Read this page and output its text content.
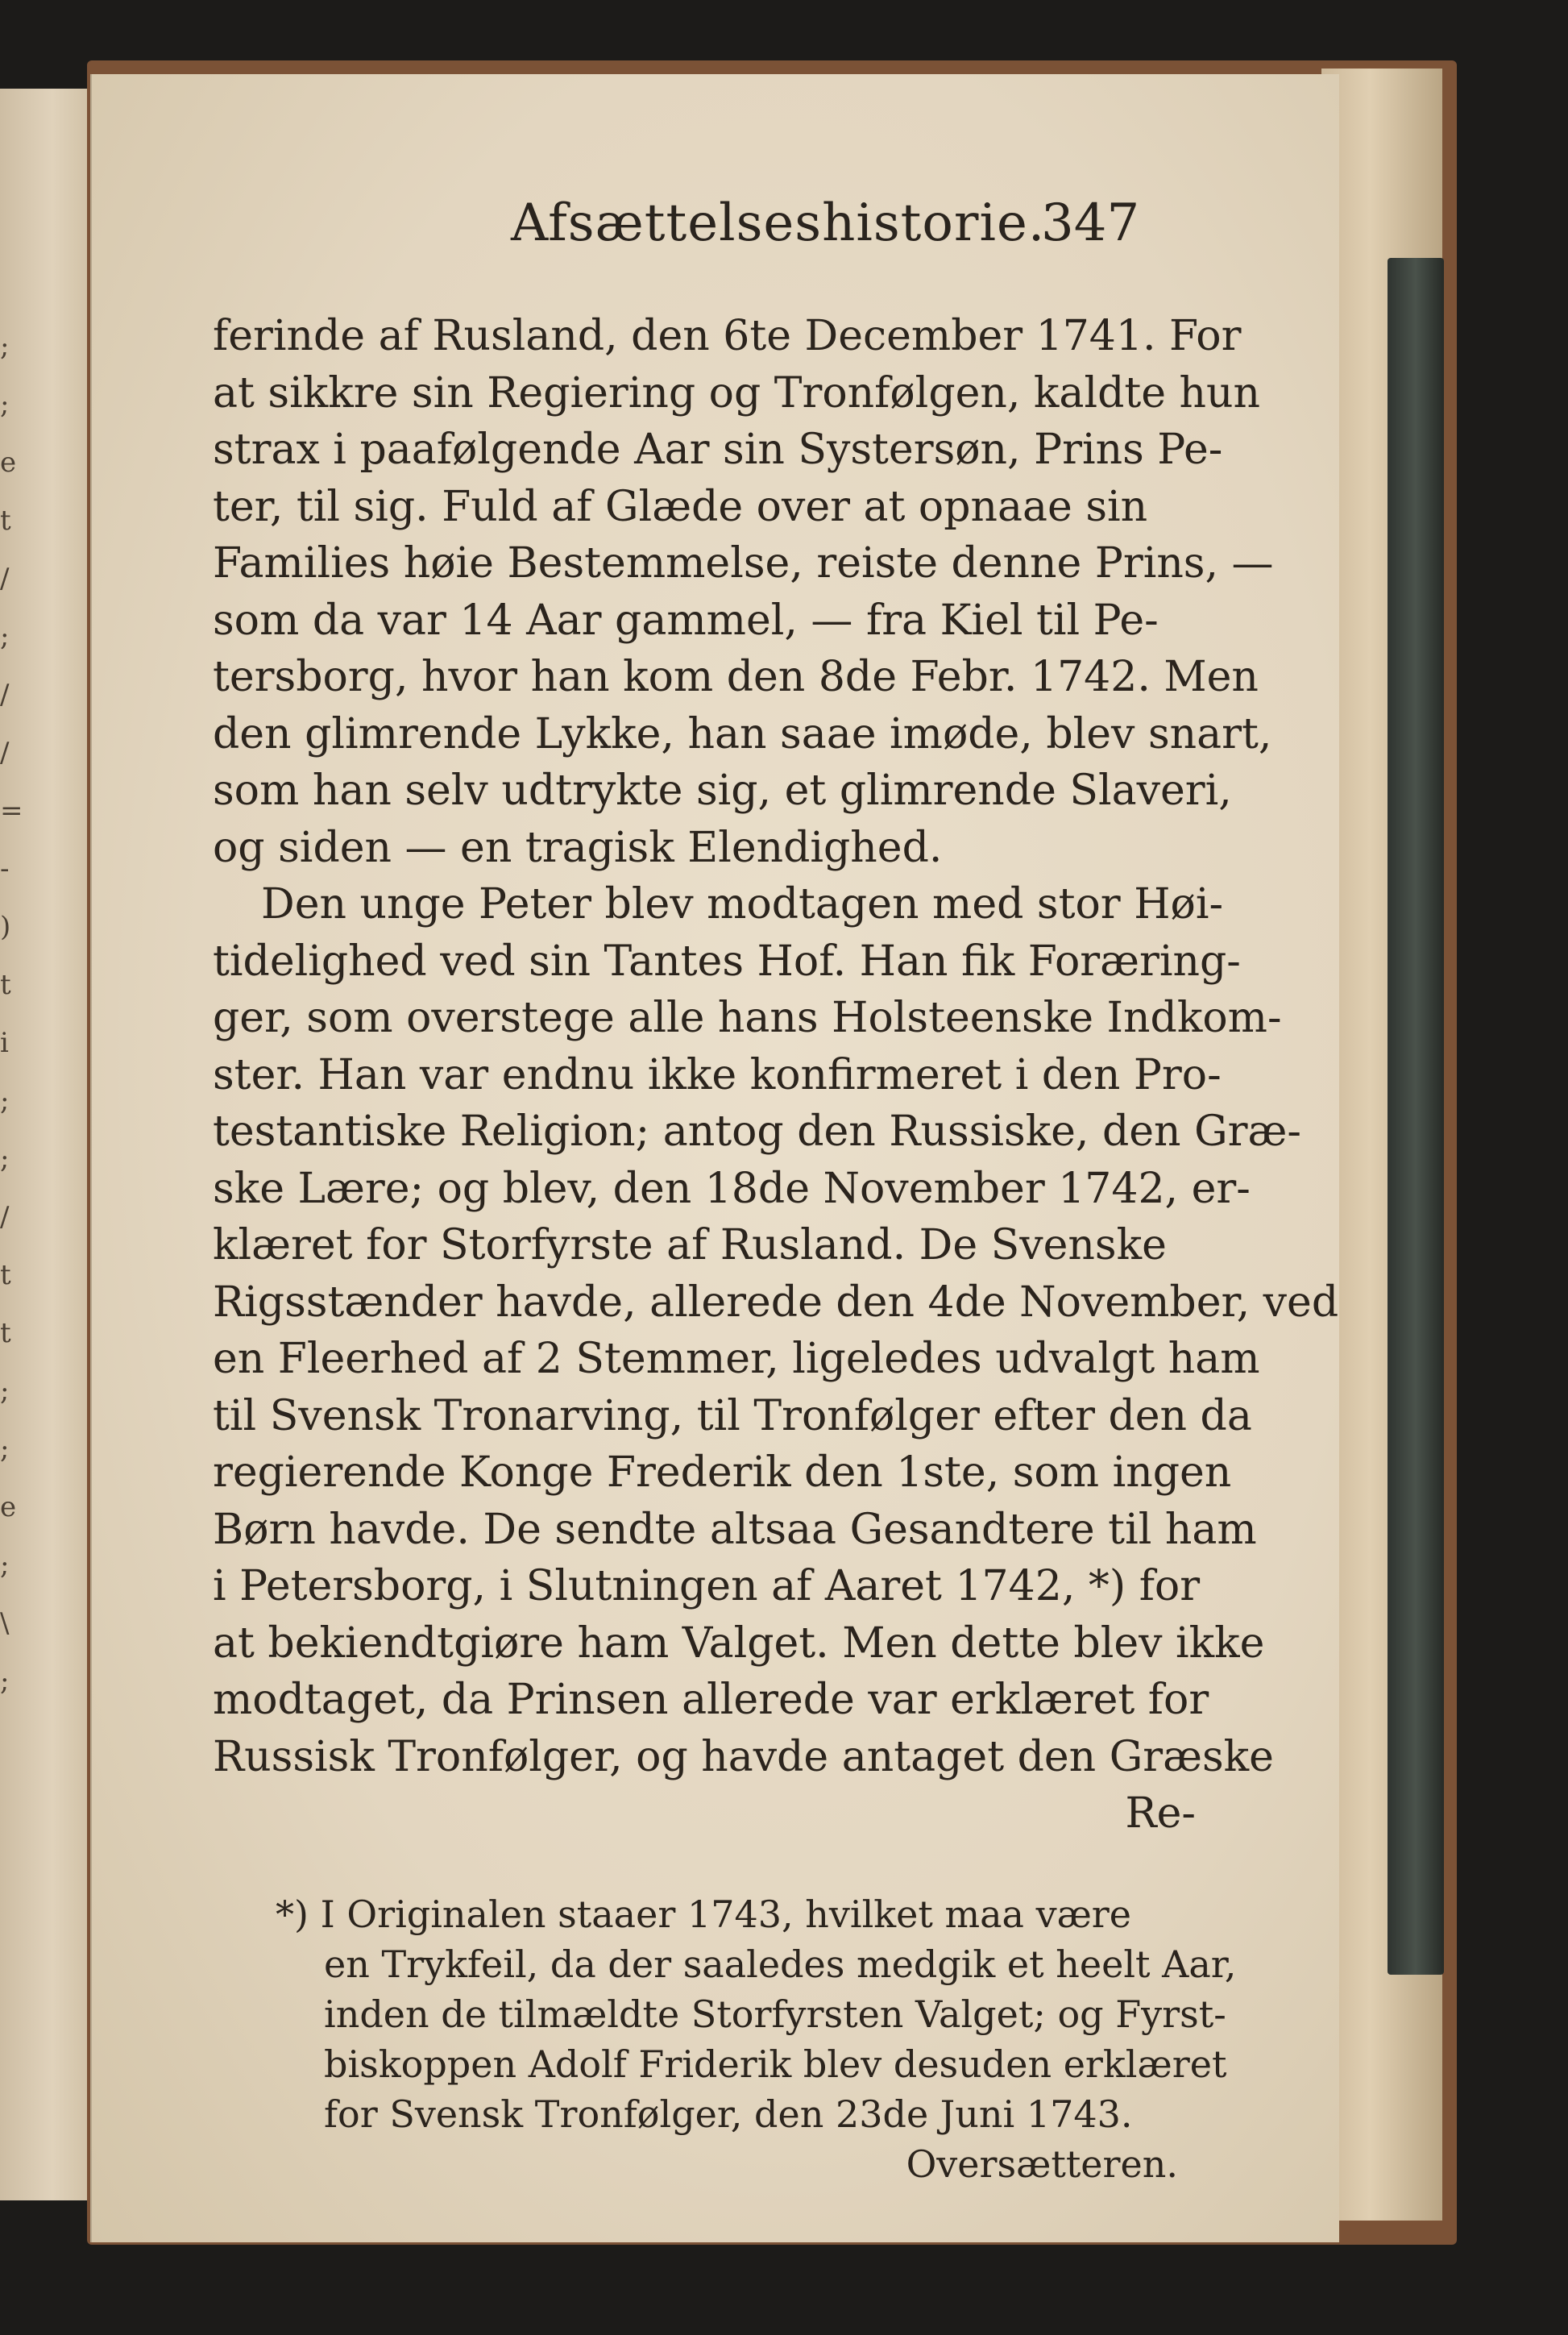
;
;
e
t
/
;
/
/
=
-
)
t
i
;
;
/
t
t
;
;
e
;
\
;
Afsættelseshistorie.
347
ferinde af Rusland, den 6te December 1741. For
at sikkre sin Regiering og Tronfølgen, kaldte hun
strax i paafølgende Aar sin Systersøn, Prins Pe-
ter, til sig. Fuld af Glæde over at opnaae sin
Families høie Bestemmelse, reiste denne Prins, —
som da var 14 Aar gammel, — fra Kiel til Pe-
tersborg, hvor han kom den 8de Febr. 1742. Men
den glimrende Lykke, han saae imøde, blev snart,
som han selv udtrykte sig, et glimrende Slaveri,
og siden — en tragisk Elendighed.
Den unge Peter blev modtagen med stor Høi-
tidelighed ved sin Tantes Hof. Han fik Foræring-
ger, som overstege alle hans Holsteenske Indkom-
ster. Han var endnu ikke konfirmeret i den Pro-
testantiske Religion; antog den Russiske, den Græ-
ske Lære; og blev, den 18de November 1742, er-
klæret for Storfyrste af Rusland. De Svenske
Rigsstænder havde, allerede den 4de November, ved
en Fleerhed af 2 Stemmer, ligeledes udvalgt ham
til Svensk Tronarving, til Tronfølger efter den da
regierende Konge Frederik den 1ste, som ingen
Børn havde. De sendte altsaa Gesandtere til ham
i Petersborg, i Slutningen af Aaret 1742, *) for
at bekiendtgiøre ham Valget. Men dette blev ikke
modtaget, da Prinsen allerede var erklæret for
Russisk Tronfølger, og havde antaget den Græske
Re-
*) I Originalen staaer 1743, hvilket maa være
en Trykfeil, da der saaledes medgik et heelt Aar,
inden de tilmældte Storfyrsten Valget; og Fyrst-
biskoppen Adolf Friderik blev desuden erklæret
for Svensk Tronfølger, den 23de Juni 1743.
Oversætteren.
